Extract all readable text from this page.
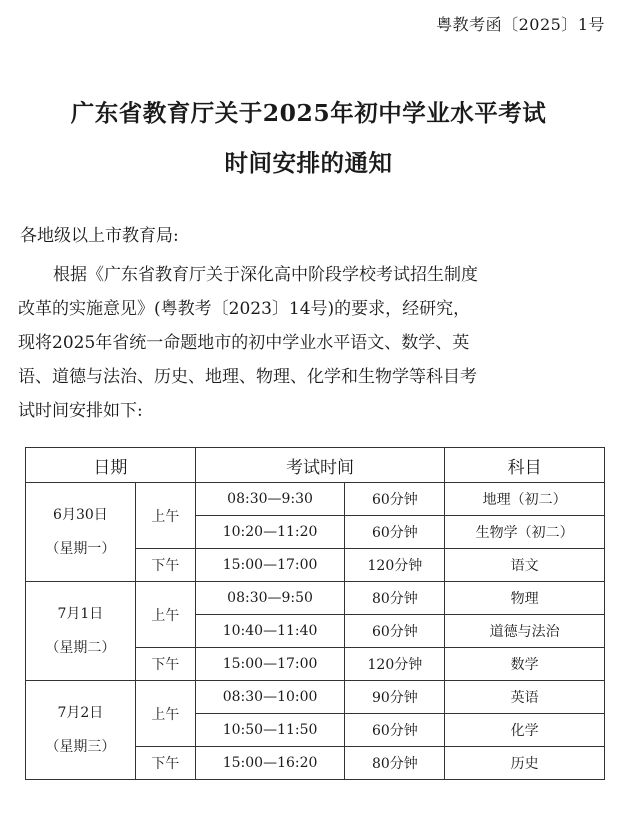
粤教考函〔2025〕1号
广东省教育厅关于2025年初中学业水平考试
时间安排的通知
各地级以上市教育局:
根据《广东省教育厅关于深化高中阶段学校考试招生制度
改革的实施意见》(粤教考〔2023〕14号)的要求，经研究，
现将2025年省统一命题地市的初中学业水平语文、数学、英
语、道德与法治、历史、地理、物理、化学和生物学等科目考
试时间安排如下:
日期		考试时间		科目

6月30日
（星期一）	上午	08:30—9:30	60分钟	地理（初二）
		10:20—11:20	60分钟	生物学（初二）
	下午	15:00—17:00	120分钟	语文

7月1日
（星期二）	上午	08:30—9:50	80分钟	物理
		10:40—11:40	60分钟	道德与法治
	下午	15:00—17:00	120分钟	数学

7月2日
（星期三）	上午	08:30—10:00	90分钟	英语
		10:50—11:50	60分钟	化学
	下午	15:00—16:20	80分钟	历史
